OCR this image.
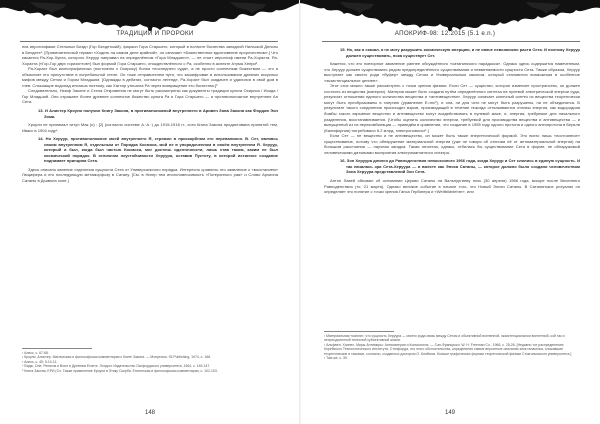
ТРАДИЦИИ И ПРОРОКИ

еха иероглифами Стельных Бездн (Гор Бехдетский), фараон Гора Старшего, который в полноте богатства западной Нильской Дельты в Бехдете¹. [Примечательный термин «Ходить на самом деле крайний», он означает «Божественное вдохновение пророчеством».] Что касается Ра-Хор-Хуита, которого Херуур направил на определённом «Гора Младшего», — не стоит иероглиф имени Ра-Хорахта. Ра-Хорахта («Гор-Гор двух горизонтов») был формой Гора Старшего, отождествлённого с Ра, особенно в аспекте Атума Хепри².

Ра-Хорахт был иконографически (постоянно к Осирису) богом «последнего суда», а не просто солнечным божеством — что и объясняет его присутствие в погребальной стеле. Он тоже отправителем пути, что зашифрован в использовании древних искусных мифов между Сетом и Гором Младшим. [Однажды в дебатах, согласно легенде, Ра-Хорахт был озадачен и удалился в свой дом в гнев. Слышащие водопад ильтишь поэтому, как Хатхор утешила Ра через возвращение его богатства.]³

Следовательно, Ньюф Законе и Стела Откровения не могут быть рассмотрены как документы традиции культа Осириса / Исида / Гор Младший. Они отражают более древнее солнечное божество культа Ра и Гора Старшего — и противоположное внутреннее Ан Сета.

13. И Алистер Кроули получил Книгу Закона, в противоположной внутреннего в Аривен Зова Закона как Фордов Эон Зома.

Хроули не принимал титул Мак (о) : [2] (согласно системе А.·А.·) до 1915-1916 гг., хотя Книга Закона продиктована принятой тем, Ивасс в 1904 году⁴.

14. Но Херуур, противоположное моей внутреннего Я, стремил в прискорбном его перевалился. В. Сет, являясь своим внутренним Я, отдельным от Порядка Космоса, мой не в упорядоченном в своём внутреннем Я. Херуур, который и был, когда был частью Космоса, мог достичь идентичности, лишь став таким, каким не был космический порядок. В отличном неустойчивости Херуура, оставив Пустоту, в которой истинное создание поднимает принципа Сета.

Здесь описано явление отделения сущности Сета от Универсального порядка. Интересно сравнить это заявление с «восстанием» Люцифера и его последующую метаморфозу в Сатану. [См. в Нигер тем иноголовносимость «Потерянного рая» и Слово Архиопа Сатаны в Дьявола зоне.]

¹ Алекс, с. 67-68.

² Кроули, Алистер. Магическая и философская комментарии к Книге Закона. — Монреаль: 93 Publishing, 1974, с. 168.

³ Алекс, с. 45; 5-10-11.

⁴ Видж, Оле. Религия и Волн в Древнем Египте. Лондон: Издательство Оксфордского университета, 1964, с. 149-147.

⁵ Книга Закона, ЕРИ (Сэ. Также применение Кроули в Этику Скорби. Египетская и философская комментарии, с. 102-103.

148
АПОКРИФ-98: 12:2015 (5.1 e.n.)

15. Но, как я сказал, я не могу разрушить космическую инерцию, и не иначе невозможно расти Сета. И поэтому Херуур должен существовать, пока существует Сет.

Кажется, что это повторное заявление раннее обсуждённого «сатанинского парадокса». Однако здесь содержится намеченным, что Херуур должен существовать рядом предопределённого существования и невменяемости сущности Сета. Также образом, Херуур выступает как своего рода «буфер» между Сетом и Универсальным законом, который становится возможным в особенное «экзистенциальное ценнее».

Этот стих можно также рассмотреть с точки зрения физики. Если Сет — существо, которое изменяет пространство, он должен состоять из вещества (материи). Материя может быть создана путём определённого синтеза на нулевой электрической энергии суда, результат отношения единого количества вещества и «антивещества». Херуур означает конечный синтез из вещества теоретически могут быть преобразованы в энергию (уравнение E=mc²), и она, ни для чего не могут быть разрушены, ни не объединятся. В результате такого соединения происходит взрыв, производящий в течение никогда отталкиваются отливы энергия, как водородная бомбы такого взрывное вещество и антивещество могут воздействовать в нулевой масе, и, энергия, требуемое для начального разделения, восстанавливается. [Чтобы оценить количество энергии, требуемой для производства вещества и антивещества — и выпущенной из их перекомбинации — приведём в сравнении, что создание в 1955 году одного протона и одного антипротона в Беркли (Калифорния) потребовало 6.2 млрд. электроновольт¹.]

Если Сет — не вещество и не антивещество, он может быть также энергетической формой. Это всего лишь «постоянное» существование, потому что обнаружение материальной энергии (уже не говоря об отличии её от антиматериальной энергии) на большом расстоянии — научная загадка. Такая гипотеза, однако, отбилась бы существование Сета в форме, не обнаружимой человеческими датчиками восприятия электромагнитного спектра.

16. Зон Херуура длился до Равноденствия невосхозного 1966 года, когда Херуур и Сет слились в единую сущность. И так началась эра Сета-Херуура — и вместе как Эпоха Сатаны, — которое должно было создано человечеством Зона Херуура представлений Зон Сета.

Антон Лавей объявил об основании Церкви Сатаны на Вальпургиеву ночь (30 апреля) 1966 года, вскоре после Весеннего Равноденствия (то. 21 марта). Однако великое событие в начале того, что Новый Эпохи Сатаны. В Сатанинских ритуалах он определяет это понятие с точки зрения Ганса Гербигера и «Weltbildnlehre», или

¹ Материальная «капля», что сущность Херуура — своего рода связь между Сетом и обьективной вселенной, экзистенциальном вселенной, кой так и непреодоленной телесной субъективной жизни.

² Альфвен, Ханнес. Миры-Антимиры: Антиматерия и Космология. — Сан-Франциско: W. H. Freeman Co., 1966, с. 25-26. [Недавно тот распределению Корейского Технологического института, Стэнфорда, это этого обстоятельства, определения самые вероятные описания зинк галактика, сложившие теоретические и таковые, согласно, созданных доктором О. Кляйном, больше графических формах теоретической физики Стокгольмского университета.]

³ Там же, с. 39.

149
